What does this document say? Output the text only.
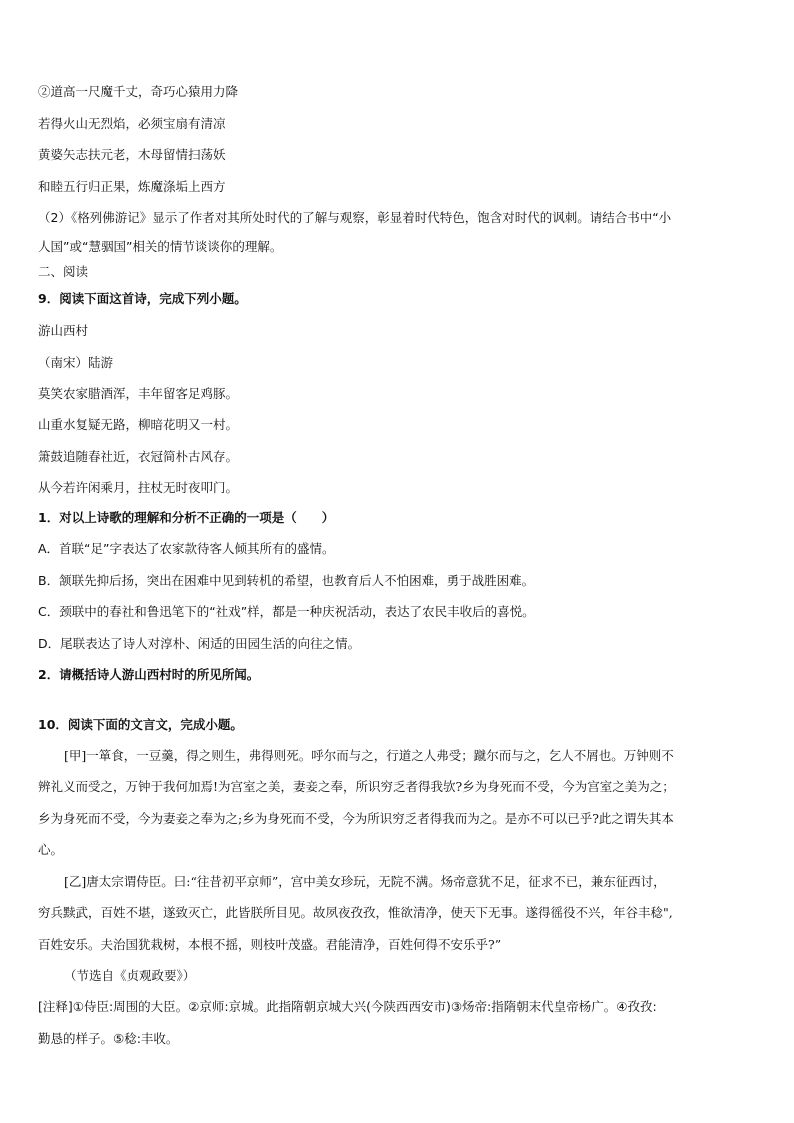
②道高一尺魔千丈，奇巧心猿用力降
若得火山无烈焰，必须宝扇有清凉
黄婆矢志扶元老，木母留情扫荡妖
和睦五行归正果，炼魔涤垢上西方
（2）《格列佛游记》显示了作者对其所处时代的了解与观察，彰显着时代特色，饱含对时代的讽刺。请结合书中“小
人国”或“慧骃国”相关的情节谈谈你的理解。
二、阅读
9．阅读下面这首诗，完成下列小题。
游山西村
（南宋）陆游
莫笑农家腊酒浑，丰年留客足鸡豚。
山重水复疑无路，柳暗花明又一村。
箫鼓追随春社近，衣冠简朴古风存。
从今若许闲乘月，拄杖无时夜叩门。
1．对以上诗歌的理解和分析不正确的一项是（　　）
A．首联“足”字表达了农家款待客人倾其所有的盛情。
B．颔联先抑后扬，突出在困难中见到转机的希望，也教育后人不怕困难，勇于战胜困难。
C．颈联中的春社和鲁迅笔下的“社戏”样，都是一种庆祝活动，表达了农民丰收后的喜悦。
D．尾联表达了诗人对淳朴、闲适的田园生活的向往之情。
2．请概括诗人游山西村时的所见所闻。
10．阅读下面的文言文，完成小题。
[甲]一箪食，一豆羹，得之则生，弗得则死。呼尔而与之，行道之人弗受；蹴尔而与之，乞人不屑也。万钟则不
辨礼义而受之，万钟于我何加焉!为宫室之美，妻妾之奉，所识穷乏者得我欤?乡为身死而不受，今为宫室之美为之；
乡为身死而不受，今为妻妾之奉为之;乡为身死而不受，今为所识穷乏者得我而为之。是亦不可以已乎?此之谓失其本
心。
[乙]唐太宗谓侍臣。曰:“往昔初平京师”，宫中美女珍玩，无院不满。炀帝意犹不足，征求不已，兼东征西讨，
穷兵黩武，百姓不堪，遂致灭亡，此皆朕所目见。故夙夜孜孜，惟欲清净，使天下无事。遂得徭役不兴，年谷丰稔",
百姓安乐。夫治国犹栽树，本根不摇，则枝叶茂盛。君能清净，百姓何得不安乐乎?”
（节选自《贞观政要》）
[注释]①侍臣:周围的大臣。②京师:京城。此指隋朝京城大兴(今陕西西安市)③炀帝:指隋朝末代皇帝杨广。④孜孜:
勤恳的样子。⑤稔:丰收。
